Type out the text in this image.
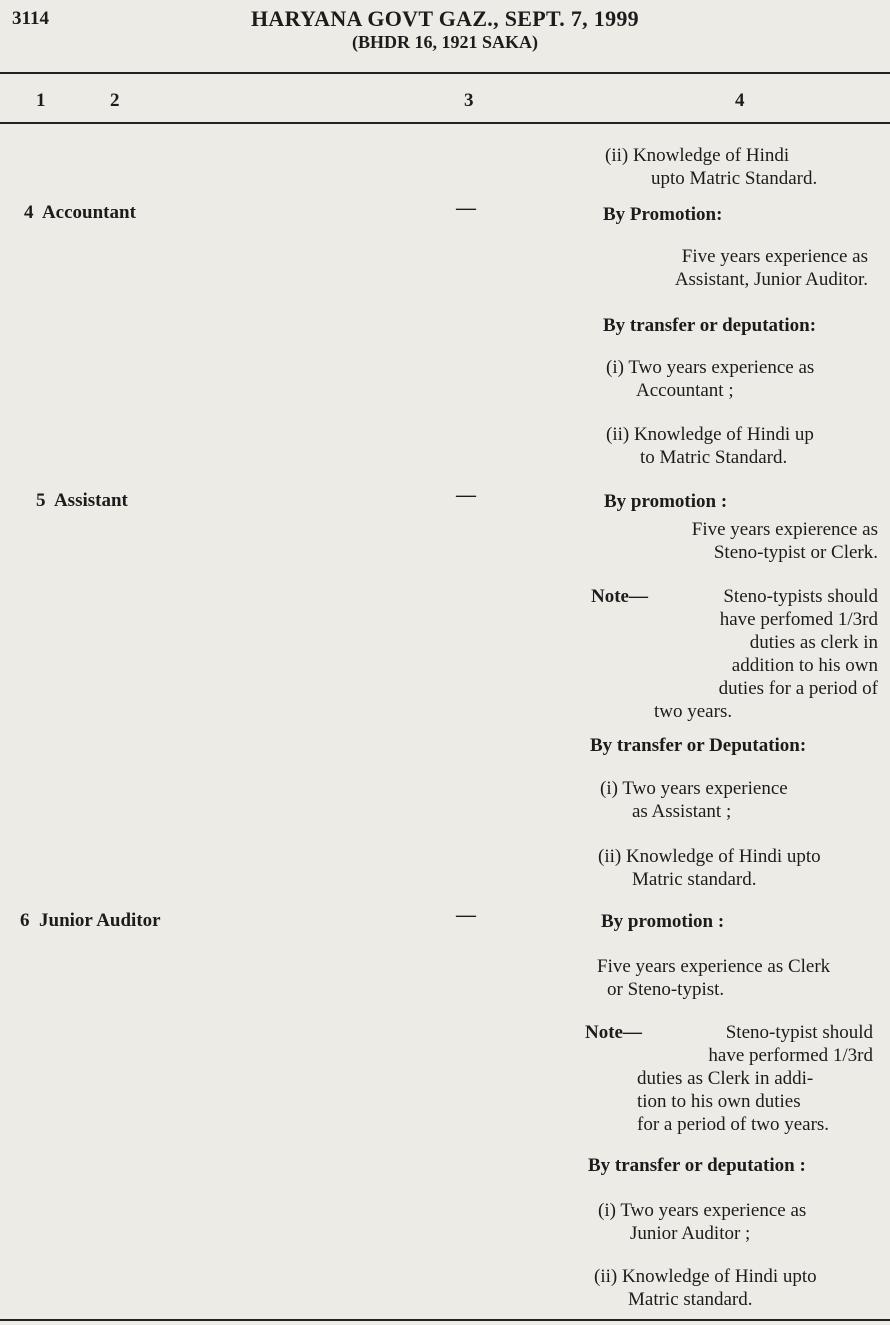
3114	HARYANA GOVT GAZ., SEPT. 7, 1999
(BHDR 16, 1921 SAKA)
1	2	3	4
(ii) Knowledge of Hindi
upto Matric Standard.
4 Accountant	—	By Promotion:
Five years experience as
Assistant, Junior Auditor.
By transfer or deputation:
(i) Two years experience as
Accountant ;
(ii) Knowledge of Hindi up
to Matric Standard.
5 Assistant	—	By promotion :
Five years expierence as
Steno-typist or Clerk.
Note—	Steno-typists should
have perfomed 1/3rd
duties as clerk in
addition to his own
duties for a period of
two years.
By transfer or Deputation:
(i) Two years experience
as Assistant ;
(ii) Knowledge of Hindi upto
Matric standard.
6 Junior Auditor	—	By promotion :
Five years experience as Clerk
or Steno-typist.
Note—	Steno-typist should
have performed 1/3rd
duties as Clerk in addi-
tion to his own duties
for a period of two years.
By transfer or deputation :
(i) Two years experience as
Junior Auditor ;
(ii) Knowledge of Hindi upto
Matric standard.
